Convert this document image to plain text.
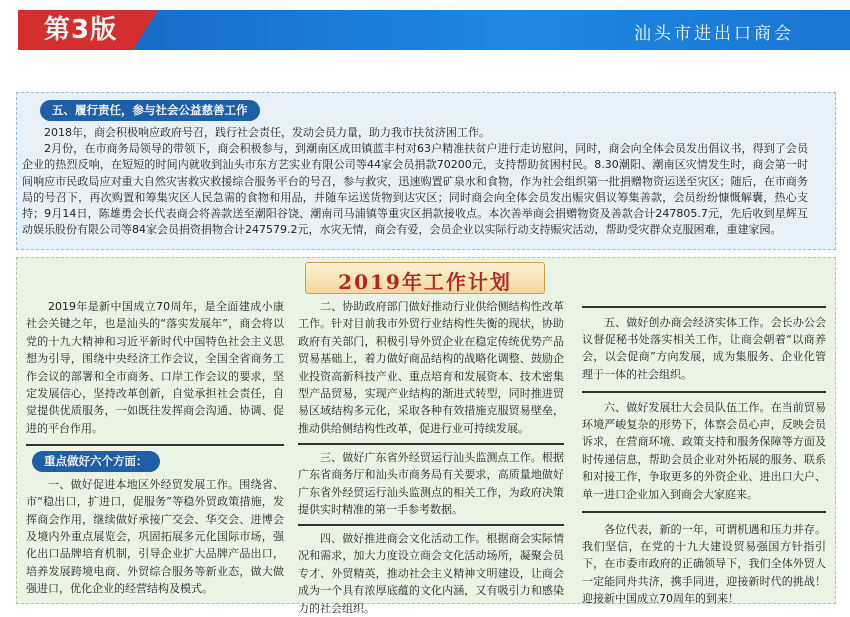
第3版	汕头市进出口商会
五、履行责任，参与社会公益慈善工作

2018年，商会积极响应政府号召，践行社会责任，发动会员力量，助力我市扶贫济困工作。

2月份，在市商务局领导的带领下，商会积极参与，到潮南区成田镇蓝丰村对63户精准扶贫户进行走访慰问，同时，商会向全体会员发出倡议书，得到了会员企业的热烈反响，在短短的时间内就收到汕头市东方艺实业有限公司等44家会员捐款70200元，支持帮助贫困村民。8.30潮阳、潮南区灾情发生时，商会第一时间响应市民政局应对重大自然灾害救灾救援综合服务平台的号召，参与救灾，迅速购置矿泉水和食物，作为社会组织第一批捐赠物资运送至灾区；随后，在市商务局的号召下，再次购置和筹集灾区人民急需的食物和用品，并随车运送货物到达灾区；同时商会向全体会员发出赈灾倡议筹集善款，会员纷纷慷慨解囊，热心支持；9月14日，陈雄勇会长代表商会将善款送至潮阳谷饶、潮南司马浦镇等重灾区捐款接收点。本次善举商会捐赠物资及善款合计247805.7元，先后收到星辉互动娱乐股份有限公司等84家会员捐资捐物合计247579.2元，水灾无情，商会有爱，会员企业以实际行动支持赈灾活动，帮助受灾群众克服困难，重建家园。

2019年工作计划

2019年是新中国成立70周年，是全面建成小康社会关键之年，也是汕头的“落实发展年”，商会将以党的十九大精神和习近平新时代中国特色社会主义思想为引导，围绕中央经济工作会议，全国全省商务工作会议的部署和全市商务、口岸工作会议的要求，坚定发展信心，坚持改革创新，自觉承担社会责任，自觉提供优质服务，一如既往发挥商会沟通、协调、促进的平台作用。

重点做好六个方面：

一、做好促进本地区外经贸发展工作。围绕省、市“稳出口，扩进口，促服务”等稳外贸政策措施，发挥商会作用，继续做好承接广交会、华交会、进博会及境内外重点展览会，巩固拓展多元化国际市场，强化出口品牌培育机制，引导企业扩大品牌产品出口，培养发展跨境电商、外贸综合服务等新业态，做大做强进口，优化企业的经营结构及模式。

二、协助政府部门做好推动行业供给侧结构性改革工作。针对目前我市外贸行业结构性失衡的现状，协助政府有关部门，积极引导外贸企业在稳定传统优势产品贸易基础上，着力做好商品结构的战略化调整、鼓励企业投资高新科技产业、重点培育和发展资本、技术密集型产品贸易，实现产业结构的渐进式转型，同时推进贸易区域结构多元化，采取各种有效措施克服贸易壁垒，推动供给侧结构性改革，促进行业可持续发展。

三、做好广东省外经贸运行汕头监测点工作。根据广东省商务厅和汕头市商务局有关要求，高质量地做好广东省外经贸运行汕头监测点的相关工作，为政府决策提供实时精准的第一手参考数据。

四、做好推进商会文化活动工作。根据商会实际情况和需求，加大力度设立商会文化活动场所，凝聚会员专才、外贸精英，推动社会主义精神文明建设，让商会成为一个具有浓厚底蕴的文化内涵，又有吸引力和感染力的社会组织。

五、做好创办商会经济实体工作。会长办公会议督促秘书处落实相关工作，让商会朝着“以商养会，以会促商”方向发展，成为集服务、企业化管理于一体的社会组织。

六、做好发展壮大会员队伍工作。在当前贸易环境严峻复杂的形势下，体察会员心声，反映会员诉求，在营商环境、政策支持和服务保障等方面及时传递信息，帮助会员企业对外拓展的服务、联系和对接工作，争取更多的外资企业、进出口大户、单一进口企业加入到商会大家庭来。

各位代表，新的一年，可谓机遇和压力并存。我们坚信，在党的十九大建设贸易强国方针指引下，在市委市政府的正确领导下，我们全体外贸人一定能同舟共济，携手同进，迎接新时代的挑战！迎接新中国成立70周年的到来！
